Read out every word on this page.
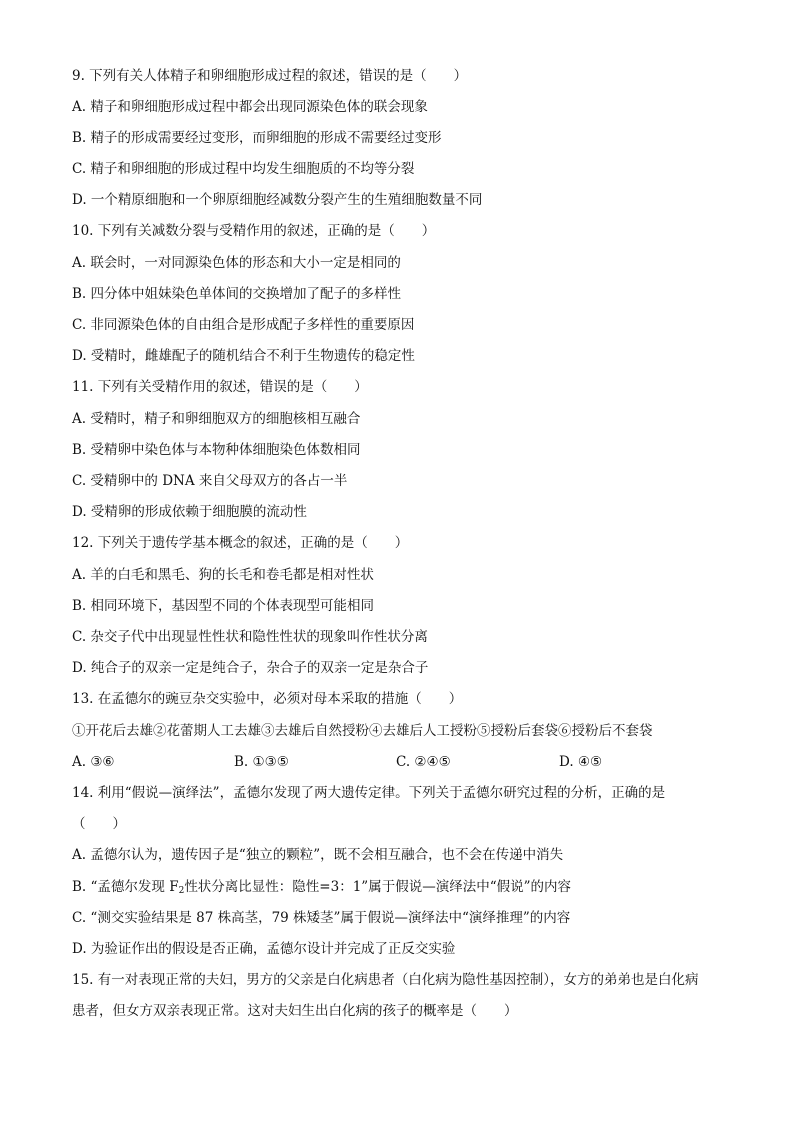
9. 下列有关人体精子和卵细胞形成过程的叙述，错误的是（　　）
A. 精子和卵细胞形成过程中都会出现同源染色体的联会现象
B. 精子的形成需要经过变形，而卵细胞的形成不需要经过变形
C. 精子和卵细胞的形成过程中均发生细胞质的不均等分裂
D. 一个精原细胞和一个卵原细胞经减数分裂产生的生殖细胞数量不同
10. 下列有关减数分裂与受精作用的叙述，正确的是（　　）
A. 联会时，一对同源染色体的形态和大小一定是相同的
B. 四分体中姐妹染色单体间的交换增加了配子的多样性
C. 非同源染色体的自由组合是形成配子多样性的重要原因
D. 受精时，雌雄配子的随机结合不利于生物遗传的稳定性
11. 下列有关受精作用的叙述，错误的是（　　）
A. 受精时，精子和卵细胞双方的细胞核相互融合
B. 受精卵中染色体与本物种体细胞染色体数相同
C. 受精卵中的 DNA 来自父母双方的各占一半
D. 受精卵的形成依赖于细胞膜的流动性
12. 下列关于遗传学基本概念的叙述，正确的是（　　）
A. 羊的白毛和黑毛、狗的长毛和卷毛都是相对性状
B. 相同环境下，基因型不同的个体表现型可能相同
C. 杂交子代中出现显性性状和隐性性状的现象叫作性状分离
D. 纯合子的双亲一定是纯合子，杂合子的双亲一定是杂合子
13. 在孟德尔的豌豆杂交实验中，必须对母本采取的措施（　　）
①开花后去雄②花蕾期人工去雄③去雄后自然授粉④去雄后人工授粉⑤授粉后套袋⑥授粉后不套袋
A. ③⑥	B. ①③⑤	C. ②④⑤	D. ④⑤
14. 利用“假说—演绎法”，孟德尔发现了两大遗传定律。下列关于孟德尔研究过程的分析，正确的是
（　　）
A. 孟德尔认为，遗传因子是“独立的颗粒”，既不会相互融合，也不会在传递中消失
B. “孟德尔发现 $F_2$性状分离比显性：隐性=3：1”属于假说—演绎法中“假说”的内容
C. “测交实验结果是 87 株高茎，79 株矮茎”属于假说—演绎法中“演绎推理”的内容
D. 为验证作出的假设是否正确，孟德尔设计并完成了正反交实验
15. 有一对表现正常的夫妇，男方的父亲是白化病患者（白化病为隐性基因控制），女方的弟弟也是白化病
患者，但女方双亲表现正常。这对夫妇生出白化病的孩子的概率是（　　）
